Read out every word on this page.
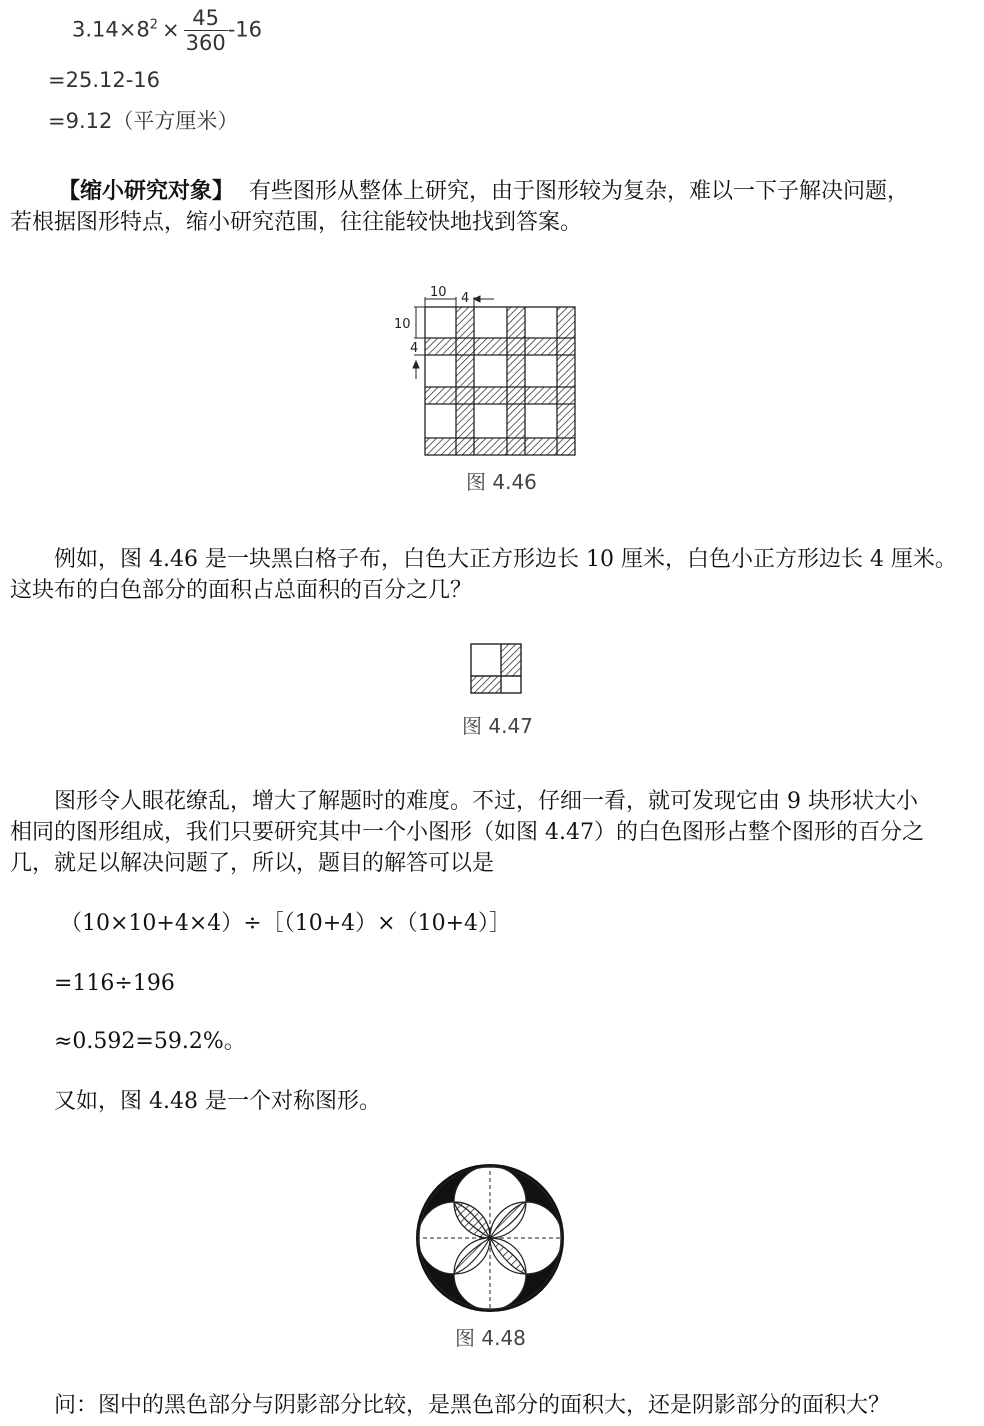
$3.14\times 8^2 \times \frac{45}{360} -16$
=25.12-16
=9.12（平方厘米）
【缩小研究对象】 有些图形从整体上研究，由于图形较为复杂，难以一下子解决问题，
若根据图形特点，缩小研究范围，往往能较快地找到答案。
10 4
10
4
图 4.46
例如，图 4.46 是一块黑白格子布，白色大正方形边长 10 厘米，白色小正方形边长 4 厘米。
这块布的白色部分的面积占总面积的百分之几？
图 4.47
图形令人眼花缭乱，增大了解题时的难度。不过，仔细一看，就可发现它由 9 块形状大小
相同的图形组成，我们只要研究其中一个小图形（如图 4.47）的白色图形占整个图形的百分之
几，就足以解决问题了，所以，题目的解答可以是
（10×10+4×4）÷［（10+4）×（10+4）］
=116÷196
≈0.592=59.2%。
又如，图 4.48 是一个对称图形。
图 4.48
问：图中的黑色部分与阴影部分比较，是黑色部分的面积大，还是阴影部分的面积大？
